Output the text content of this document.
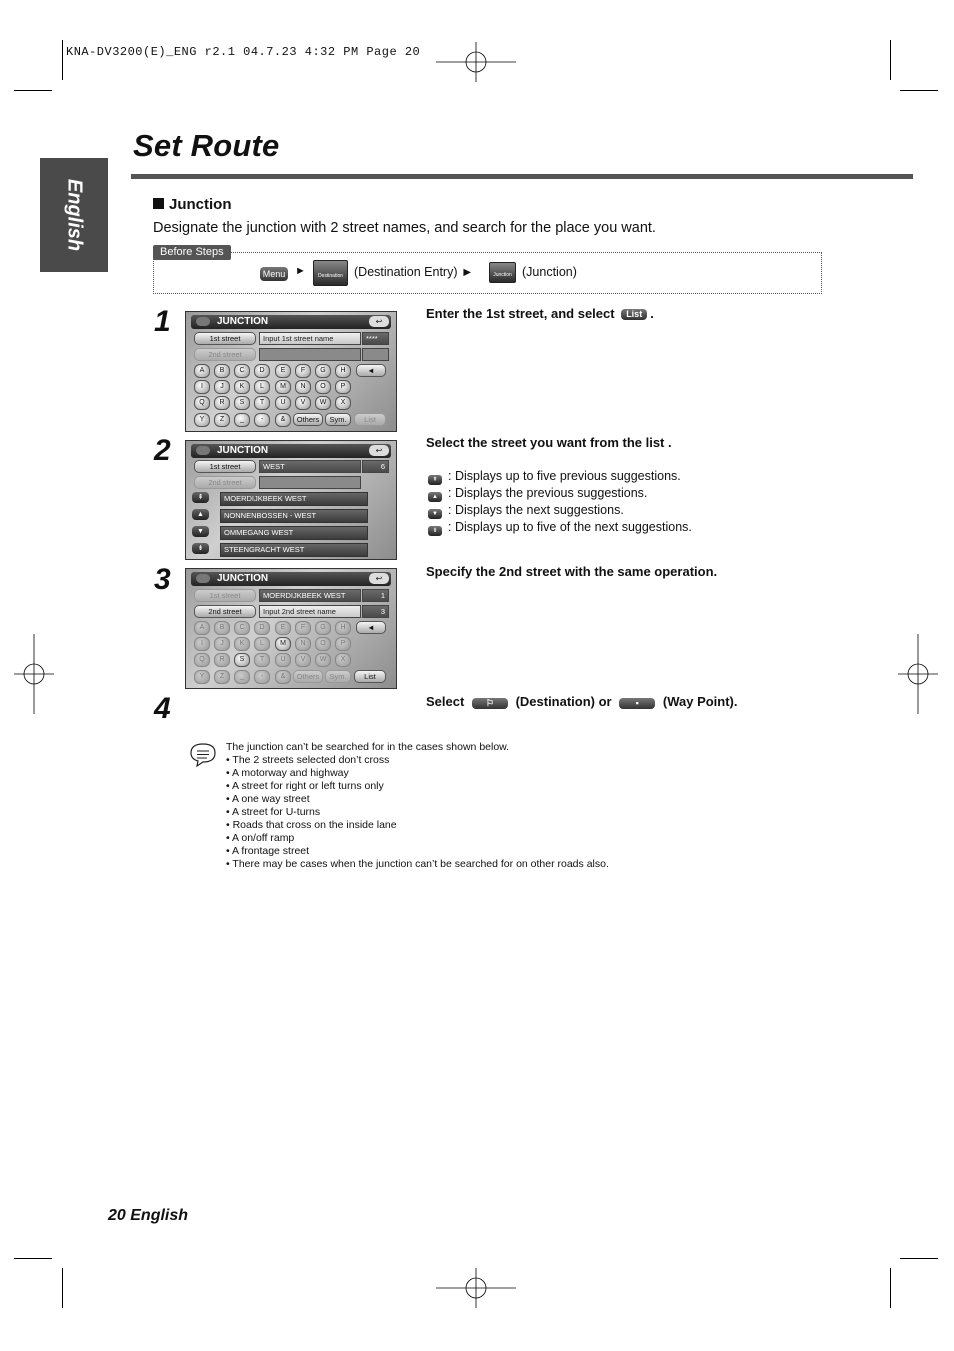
KNA-DV3200(E)_ENG r2.1 04.7.23 4:32 PM Page 20
English
Set Route
Junction
Designate the junction with 2 street names, and search for the place you want.
Before Steps
Menu ►	Destination Entry
(Destination Entry) ►	Junction (Junction)
1
2
3
4
JUNCTION	↩
1st street	Input 1st street name	****
2nd street
A	B	C	D	E	F	G	H	◄
I	J	K	L	M	N	O	P
Q	R	S	T	U	V	W	X
Y	Z	_	-	&	Others	Sym.	List
JUNCTION	↩
1st street	WEST	6
2nd street
⇞
▲
▼
⇟
MOERDIJKBEEK WEST
NONNENBOSSEN - WEST
OMMEGANG WEST
STEENGRACHT WEST
JUNCTION	↩
1st street	MOERDIJKBEEK WEST	1
2nd street	Input 2nd street name	3
A	B	C	D	E	F	G	H	◄
I	J	K	L	M	N	O	P
Q	R	S	T	U	V	W	X
Y	Z	_	-	&	Others	Sym.	List
Enter the 1st street, and select List .
Select the street you want from the list .
⇞ : Displays up to five previous suggestions.
▲ : Displays the previous suggestions.
▼ : Displays the next suggestions.
⇟ : Displays up to five of the next suggestions.
Specify the 2nd street with the same operation.
Select ⚐ (Destination) or	▪ (Way Point).
The junction can’t be searched for in the cases shown below.
• The 2 streets selected don’t cross
• A motorway and highway
• A street for right or left turns only
• A one way street
• A street for U-turns
• Roads that cross on the inside lane
• A on/off ramp
• A frontage street
• There may be cases when the junction can’t be searched for on other roads also.
20 English
